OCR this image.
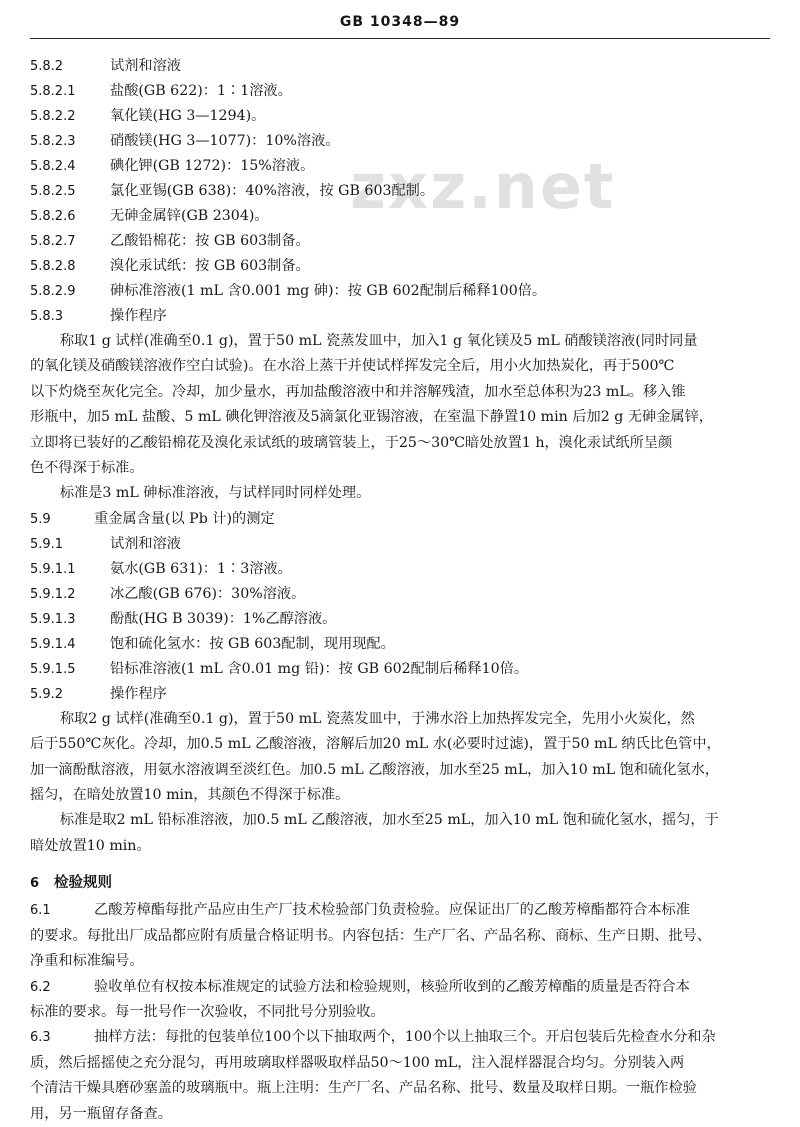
GB 10348—89
zxz.net
5.8.2	试剂和溶液
5.8.2.1 盐酸(GB 622)：1∶1溶液。
5.8.2.2 氧化镁(HG 3—1294)。
5.8.2.3 硝酸镁(HG 3—1077)：10%溶液。
5.8.2.4 碘化钾(GB 1272)：15%溶液。
5.8.2.5 氯化亚锡(GB 638)：40%溶液，按 GB 603配制。
5.8.2.6 无砷金属锌(GB 2304)。
5.8.2.7 乙酸铅棉花：按 GB 603制备。
5.8.2.8 溴化汞试纸：按 GB 603制备。
5.8.2.9 砷标准溶液(1 mL 含0.001 mg 砷)：按 GB 602配制后稀释100倍。
5.8.3	操作程序
称取1 g 试样(准确至0.1 g)，置于50 mL 瓷蒸发皿中，加入1 g 氧化镁及5 mL 硝酸镁溶液(同时同量
的氧化镁及硝酸镁溶液作空白试验)。在水浴上蒸干并使试样挥发完全后，用小火加热炭化，再于500℃
以下灼烧至灰化完全。冷却，加少量水，再加盐酸溶液中和并溶解残渣，加水至总体积为23 mL。移入锥
形瓶中，加5 mL 盐酸、5 mL 碘化钾溶液及5滴氯化亚锡溶液，在室温下静置10 min 后加2 g 无砷金属锌，
立即将已装好的乙酸铅棉花及溴化汞试纸的玻璃管装上，于25～30℃暗处放置1 h，溴化汞试纸所呈颜
色不得深于标准。
标准是3 mL 砷标准溶液，与试样同时同样处理。
5.9	重金属含量(以 Pb 计)的测定
5.9.1	试剂和溶液
5.9.1.1 氨水(GB 631)：1∶3溶液。
5.9.1.2 冰乙酸(GB 676)：30%溶液。
5.9.1.3 酚酞(HG B 3039)：1%乙醇溶液。
5.9.1.4 饱和硫化氢水：按 GB 603配制，现用现配。
5.9.1.5 铅标准溶液(1 mL 含0.01 mg 铅)：按 GB 602配制后稀释10倍。
5.9.2	操作程序
称取2 g 试样(准确至0.1 g)，置于50 mL 瓷蒸发皿中，于沸水浴上加热挥发完全，先用小火炭化，然
后于550℃灰化。冷却，加0.5 mL 乙酸溶液，溶解后加20 mL 水(必要时过滤)，置于50 mL 纳氏比色管中，
加一滴酚酞溶液，用氨水溶液调至淡红色。加0.5 mL 乙酸溶液，加水至25 mL，加入10 mL 饱和硫化氢水，
摇匀，在暗处放置10 min，其颜色不得深于标准。
标准是取2 mL 铅标准溶液，加0.5 mL 乙酸溶液，加水至25 mL，加入10 mL 饱和硫化氢水，摇匀，于
暗处放置10 min。
6 检验规则
6.1	乙酸芳樟酯每批产品应由生产厂技术检验部门负责检验。应保证出厂的乙酸芳樟酯都符合本标准
的要求。每批出厂成品都应附有质量合格证明书。内容包括：生产厂名、产品名称、商标、生产日期、批号、
净重和标准编号。
6.2	验收单位有权按本标准规定的试验方法和检验规则，核验所收到的乙酸芳樟酯的质量是否符合本
标准的要求。每一批号作一次验收，不同批号分别验收。
6.3	抽样方法：每批的包装单位100个以下抽取两个，100个以上抽取三个。开启包装后先检查水分和杂
质，然后摇摇使之充分混匀，再用玻璃取样器吸取样品50～100 mL，注入混样器混合均匀。分别装入两
个清洁干燥具磨砂塞盖的玻璃瓶中。瓶上注明：生产厂名、产品名称、批号、数量及取样日期。一瓶作检验
用，另一瓶留存备查。
